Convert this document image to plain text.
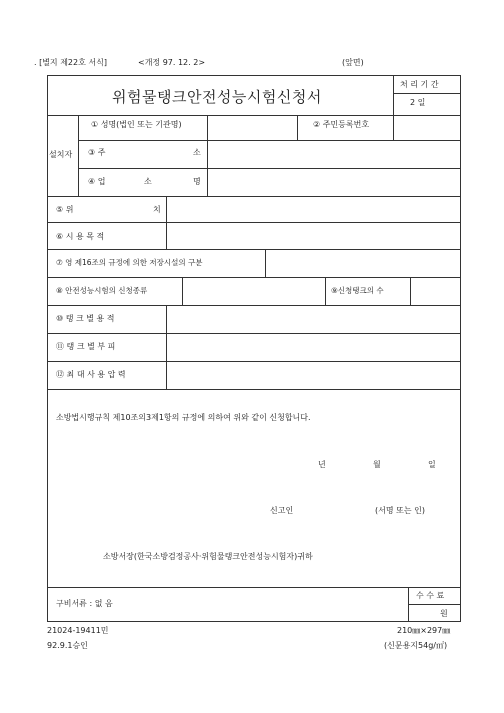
. [별지 제22호 서식]	<개정 97. 12. 2>	(앞면)
위험물탱크안전성능시험신청서
처 리 기 간
2 일
설치자
① 성명(법인 또는 기관명)	② 주민등록번호
③ 주	소
④ 업	소	명
⑤ 위	치
⑥ 시 용 목 적
⑦ 영 제16조의 규정에 의한 저장시설의 구분
⑧ 안전성능시험의 신청종류	⑨신청탱크의 수
⑩ 탱 크 별 용 적
⑪ 탱 크 별 부 피
⑫ 최 대 사 용 압 력
소방법시행규칙 제10조의3제1항의 규정에 의하여 위와 같이 신청합니다.
년	월	일
신고인	(서명 또는 인)
소방서장(한국소방검정공사·위험물탱크안전성능시험자)귀하
구비서류 : 없 음
수 수 료
원
21024-19411민
92.9.1승인
210㎜×297㎜
(신문용지54g/㎡)
